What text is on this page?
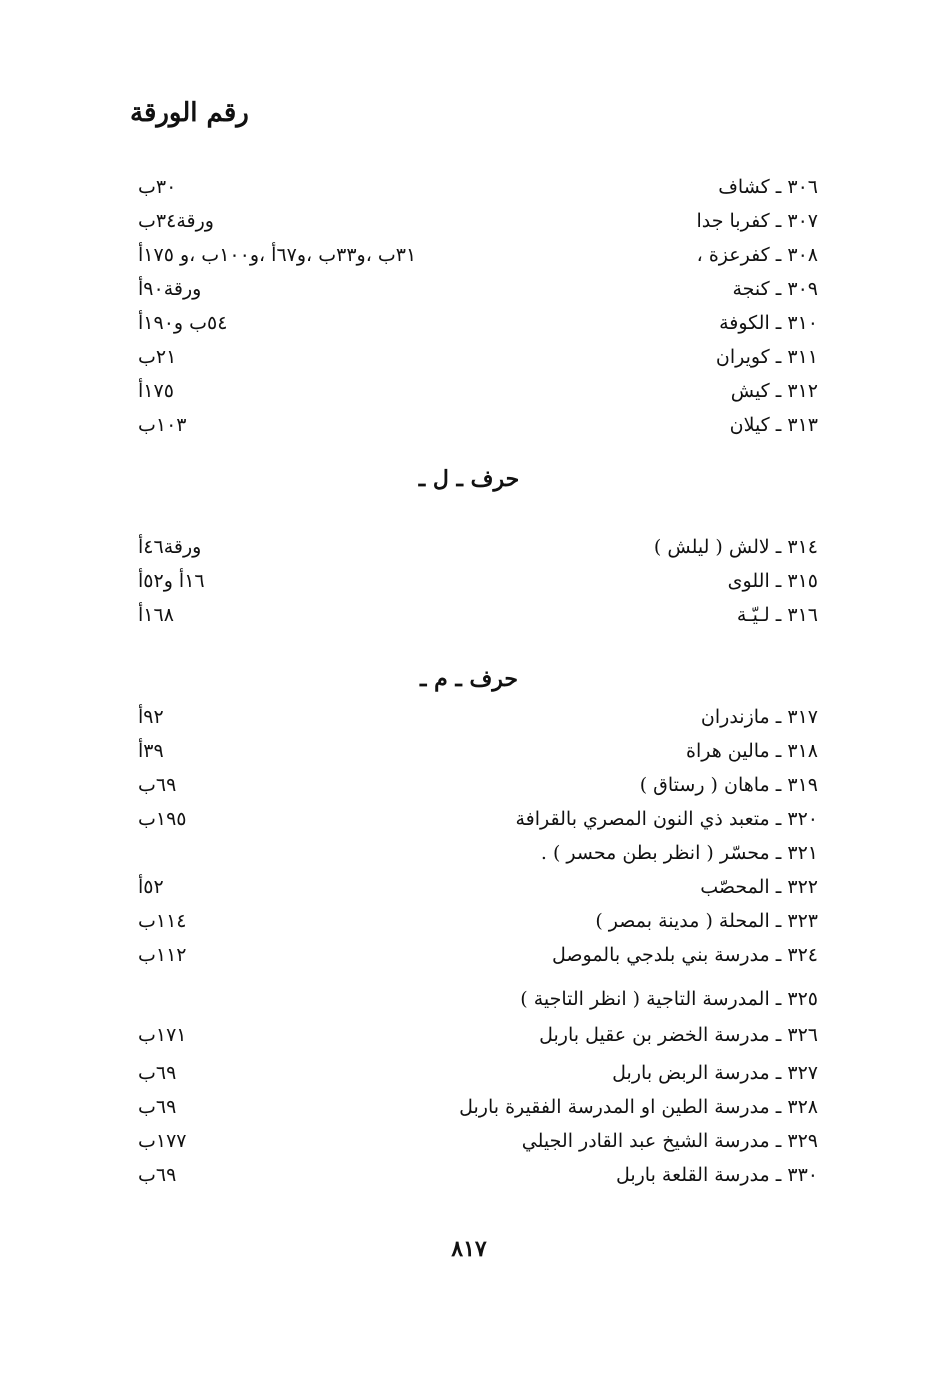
رقم الورقة
٣٠٦ ـ كشاف
٣٠ب
٣٠٧ ـ كفربا جدا
ورقة٣٤ب
٣٠٨ ـ كفرعزة ،
٣١ب ،و٣٣ب ،و٦٧أ ،و١٠٠ب ،و ١٧٥أ
٣٠٩ ـ كنجة
ورقة٩٠أ
٣١٠ ـ الكوفة
٥٤ب و١٩٠أ
٣١١ ـ كويران
٢١ب
٣١٢ ـ كيش
١٧٥أ
٣١٣ ـ كيلان
١٠٣ب
حرف ـ ل ـ
٣١٤ ـ لالش ( ليلش )
ورقة٤٦أ
٣١٥ ـ اللوى
١٦أ و٥٢أ
٣١٦ ـ لـيّـة
١٦٨أ
حرف ـ م ـ
٣١٧ ـ مازندران
٩٢أ
٣١٨ ـ مالين هراة
٣٩أ
٣١٩ ـ ماهان ( رستاق )
٦٩ب
٣٢٠ ـ متعبد ذي النون المصري بالقرافة
١٩٥ب
٣٢١ ـ محسّر ( انظر بطن محسر ) .
٣٢٢ ـ المحصّب
٥٢أ
٣٢٣ ـ المحلة ( مدينة بمصر )
١١٤ب
٣٢٤ ـ مدرسة بني بلدجي بالموصل
١١٢ب
٣٢٥ ـ المدرسة التاجية ( انظر التاجية )
٣٢٦ ـ مدرسة الخضر بن عقيل باربل
١٧١ب
٣٢٧ ـ مدرسة الربض باربل
٦٩ب
٣٢٨ ـ مدرسة الطين او المدرسة الفقيرة باربل
٦٩ب
٣٢٩ ـ مدرسة الشيخ عبد القادر الجيلي
١٧٧ب
٣٣٠ ـ مدرسة القلعة باربل
٦٩ب
٨١٧
